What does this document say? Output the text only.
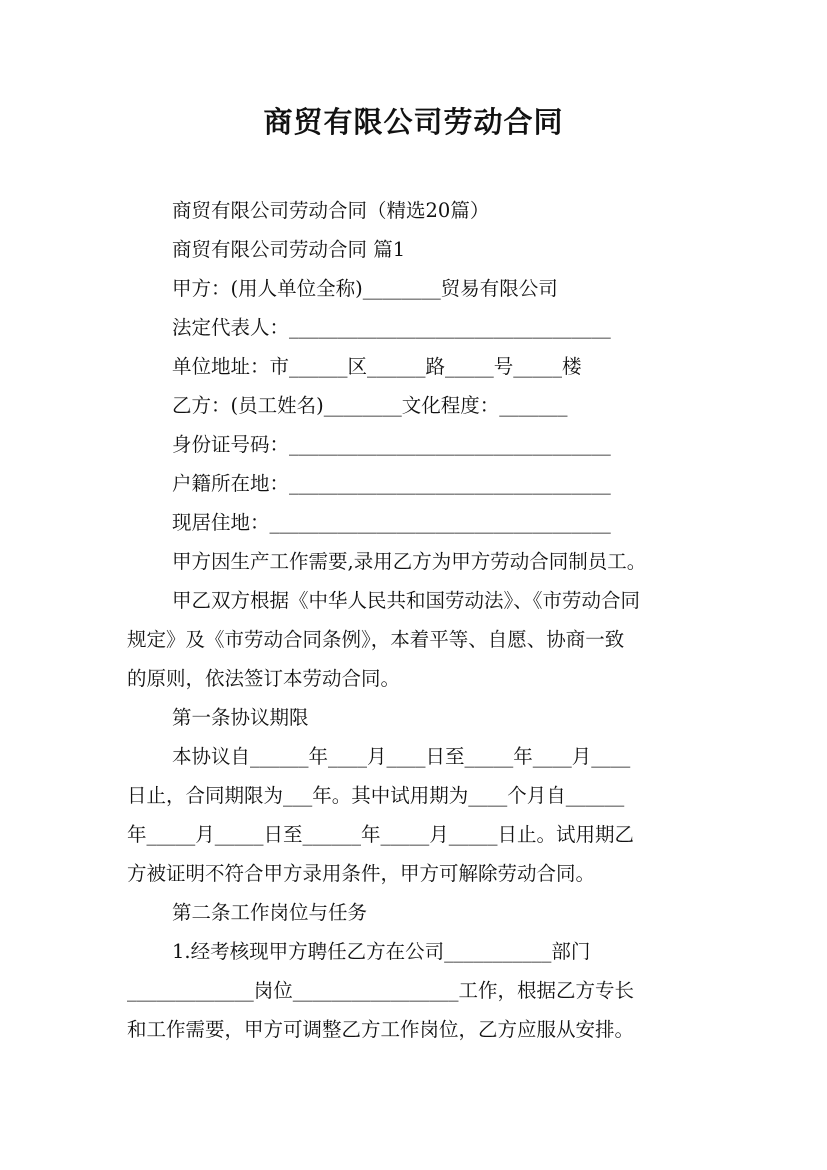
商贸有限公司劳动合同
商贸有限公司劳动合同（精选20篇）
商贸有限公司劳动合同 篇1
甲方：(用人单位全称)________贸易有限公司
法定代表人：_________________________________
单位地址：市______区______路_____号_____楼
乙方：(员工姓名)________文化程度：_______
身份证号码：_________________________________
户籍所在地：_________________________________
现居住地：___________________________________
甲方因生产工作需要,录用乙方为甲方劳动合同制员工。
甲乙双方根据《中华人民共和国劳动法》、《市劳动合同
规定》及《市劳动合同条例》，本着平等、自愿、协商一致
的原则，依法签订本劳动合同。
第一条协议期限
本协议自______年____月____日至_____年____月____
日止，合同期限为___年。其中试用期为____个月自______
年_____月_____日至______年_____月_____日止。试用期乙
方被证明不符合甲方录用条件，甲方可解除劳动合同。
第二条工作岗位与任务
1.经考核现甲方聘任乙方在公司___________部门
_____________岗位_________________工作，根据乙方专长
和工作需要，甲方可调整乙方工作岗位，乙方应服从安排。
